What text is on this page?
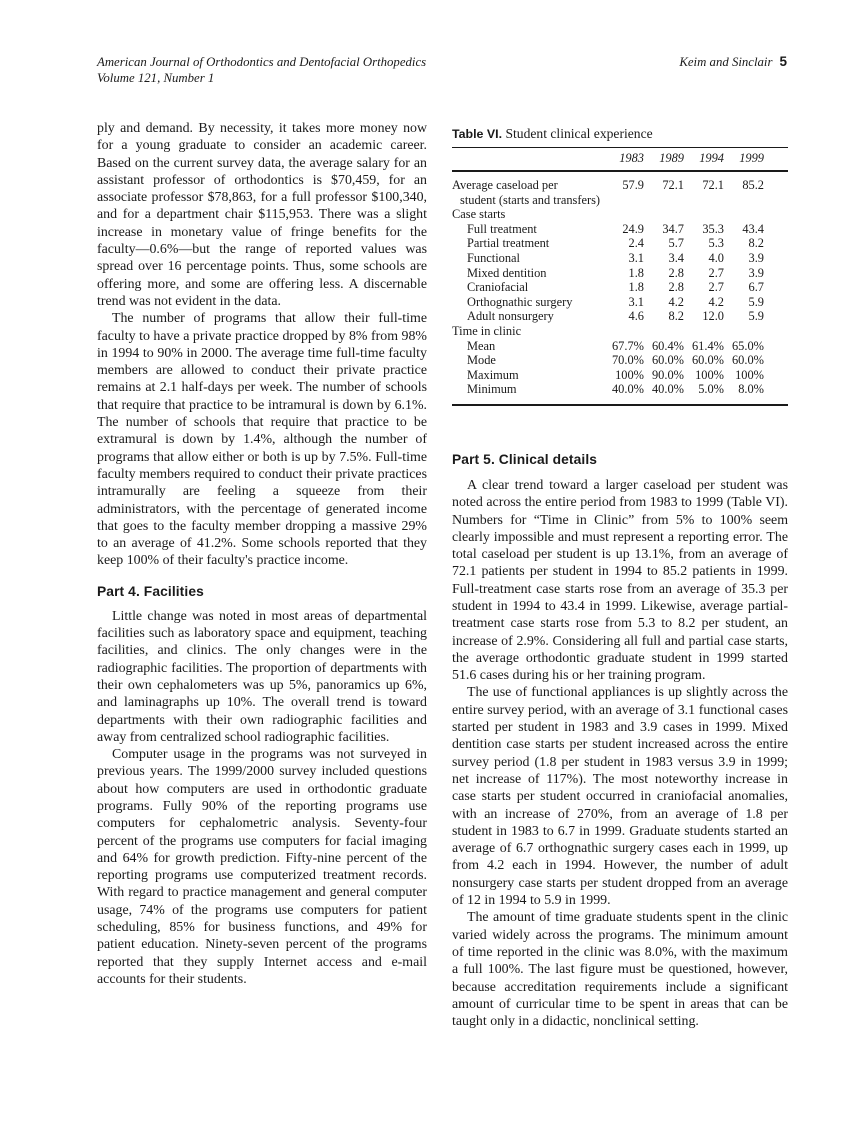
American Journal of Orthodontics and Dentofacial Orthopedics
Volume 121, Number 1
Keim and Sinclair 5

ply and demand. By necessity, it takes more money now for a young graduate to consider an academic career. Based on the current survey data, the average salary for an assistant professor of orthodontics is $70,459, for an associate professor $78,863, for a full professor $100,340, and for a department chair $115,953. There was a slight increase in monetary value of fringe benefits for the faculty—0.6%—but the range of reported values was spread over 16 percentage points. Thus, some schools are offering more, and some are offering less. A discernable trend was not evident in the data.

The number of programs that allow their full-time faculty to have a private practice dropped by 8% from 98% in 1994 to 90% in 2000. The average time full-time faculty members are allowed to conduct their private practice remains at 2.1 half-days per week. The number of schools that require that practice to be intramural is down by 6.1%. The number of schools that require that practice to be extramural is down by 1.4%, although the number of programs that allow either or both is up by 7.5%. Full-time faculty members required to conduct their private practices intramurally are feeling a squeeze from their administrators, with the percentage of generated income that goes to the faculty member dropping a massive 29% to an average of 41.2%. Some schools reported that they keep 100% of their faculty's practice income.

Part 4. Facilities

Little change was noted in most areas of departmental facilities such as laboratory space and equipment, teaching facilities, and clinics. The only changes were in the radiographic facilities. The proportion of departments with their own cephalometers was up 5%, panoramics up 6%, and laminagraphs up 10%. The overall trend is toward departments with their own radiographic facilities and away from centralized school radiographic facilities.

Computer usage in the programs was not surveyed in previous years. The 1999/2000 survey included questions about how computers are used in orthodontic graduate programs. Fully 90% of the reporting programs use computers for cephalometric analysis. Seventy-four percent of the programs use computers for facial imaging and 64% for growth prediction. Fifty-nine percent of the reporting programs use computerized treatment records. With regard to practice management and general computer usage, 74% of the programs use computers for patient scheduling, 85% for business functions, and 49% for patient education. Ninety-seven percent of the programs reported that they supply Internet access and e-mail accounts for their students.

Table VI. Student clinical experience
	1983	1989	1994	1999	

Average caseload per
student (starts and transfers)	57.9	72.1	72.1	85.2	
Case starts					
Full treatment	24.9	34.7	35.3	43.4	
Partial treatment	2.4	5.7	5.3	8.2	
Functional	3.1	3.4	4.0	3.9	
Mixed dentition	1.8	2.8	2.7	3.9	
Craniofacial	1.8	2.8	2.7	6.7	
Orthognathic surgery	3.1	4.2	4.2	5.9	
Adult nonsurgery	4.6	8.2	12.0	5.9	
Time in clinic					
Mean	67.7%	60.4%	61.4%	65.0%	
Mode	70.0%	60.0%	60.0%	60.0%	
Maximum	100%	90.0%	100%	100%	
Minimum	40.0%	40.0%	5.0%	8.0%	
Part 5. Clinical details

A clear trend toward a larger caseload per student was noted across the entire period from 1983 to 1999 (Table VI). Numbers for “Time in Clinic” from 5% to 100% seem clearly impossible and must represent a reporting error. The total caseload per student is up 13.1%, from an average of 72.1 patients per student in 1994 to 85.2 patients in 1999. Full-treatment case starts rose from an average of 35.3 per student in 1994 to 43.4 in 1999. Likewise, average partial-treatment case starts rose from 5.3 to 8.2 per student, an increase of 2.9%. Considering all full and partial case starts, the average orthodontic graduate student in 1999 started 51.6 cases during his or her training program.

The use of functional appliances is up slightly across the entire survey period, with an average of 3.1 functional cases started per student in 1983 and 3.9 cases in 1999. Mixed dentition case starts per student increased across the entire survey period (1.8 per student in 1983 versus 3.9 in 1999; net increase of 117%). The most noteworthy increase in case starts per student occurred in craniofacial anomalies, with an increase of 270%, from an average of 1.8 per student in 1983 to 6.7 in 1999. Graduate students started an average of 6.7 orthognathic surgery cases each in 1999, up from 4.2 each in 1994. However, the number of adult nonsurgery case starts per student dropped from an average of 12 in 1994 to 5.9 in 1999.

The amount of time graduate students spent in the clinic varied widely across the programs. The minimum amount of time reported in the clinic was 8.0%, with the maximum a full 100%. The last figure must be questioned, however, because accreditation requirements include a significant amount of curricular time to be spent in areas that can be taught only in a didactic, nonclinical setting.
